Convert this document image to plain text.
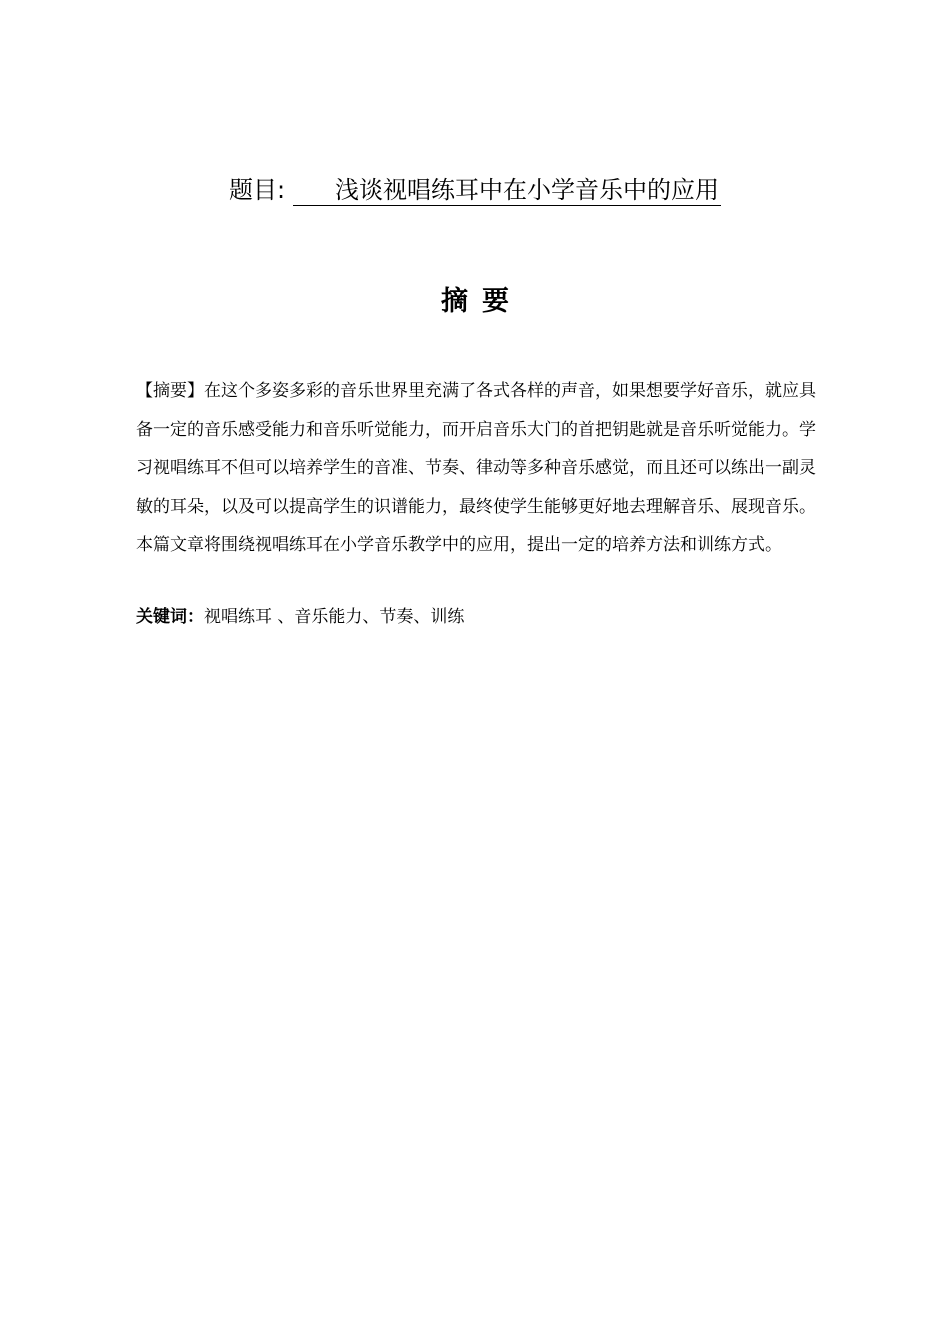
题目: 浅谈视唱练耳中在小学音乐中的应用
摘要

【摘要】在这个多姿多彩的音乐世界里充满了各式各样的声音，如果想要学好音乐，就应具备一定的音乐感受能力和音乐听觉能力，而开启音乐大门的首把钥匙就是音乐听觉能力。学习视唱练耳不但可以培养学生的音准、节奏、律动等多种音乐感觉，而且还可以练出一副灵敏的耳朵，以及可以提高学生的识谱能力，最终使学生能够更好地去理解音乐、展现音乐。本篇文章将围绕视唱练耳在小学音乐教学中的应用，提出一定的培养方法和训练方式。

关键词：视唱练耳 、音乐能力、节奏、训练
